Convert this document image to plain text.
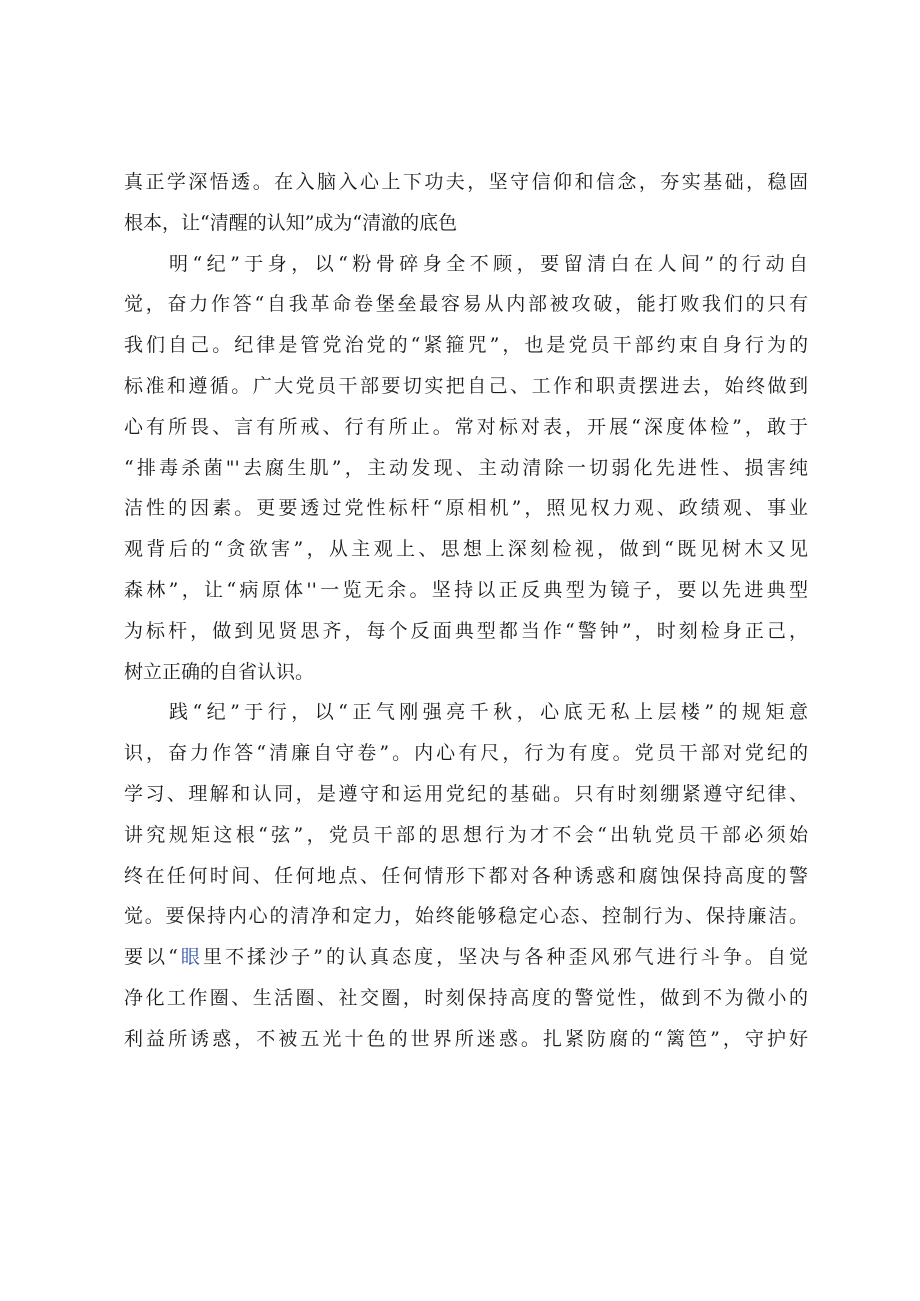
真正学深悟透。在入脑入心上下功夫，坚守信仰和信念，夯实基础，稳固
根本，让“清醒的认知”成为“清澈的底色
明“纪”于身，以“粉骨碎身全不顾，要留清白在人间”的行动自
觉，奋力作答“自我革命卷堡垒最容易从内部被攻破，能打败我们的只有
我们自己。纪律是管党治党的“紧箍咒”，也是党员干部约束自身行为的
标准和遵循。广大党员干部要切实把自己、工作和职责摆进去，始终做到
心有所畏、言有所戒、行有所止。常对标对表，开展“深度体检”，敢于
“排毒杀菌"'去腐生肌”，主动发现、主动清除一切弱化先进性、损害纯
洁性的因素。更要透过党性标杆“原相机”，照见权力观、政绩观、事业
观背后的“贪欲害”，从主观上、思想上深刻检视，做到“既见树木又见
森林”，让“病原体''一览无余。坚持以正反典型为镜子，要以先进典型
为标杆，做到见贤思齐，每个反面典型都当作“警钟”，时刻检身正己，
树立正确的自省认识。
践“纪”于行，以“正气刚强亮千秋，心底无私上层楼”的规矩意
识，奋力作答“清廉自守卷”。内心有尺，行为有度。党员干部对党纪的
学习、理解和认同，是遵守和运用党纪的基础。只有时刻绷紧遵守纪律、
讲究规矩这根“弦”，党员干部的思想行为才不会“出轨党员干部必须始
终在任何时间、任何地点、任何情形下都对各种诱惑和腐蚀保持高度的警
觉。要保持内心的清净和定力，始终能够稳定心态、控制行为、保持廉洁。
要以“眼里不揉沙子”的认真态度，坚决与各种歪风邪气进行斗争。自觉
净化工作圈、生活圈、社交圈，时刻保持高度的警觉性，做到不为微小的
利益所诱惑，不被五光十色的世界所迷惑。扎紧防腐的“篱笆”，守护好
